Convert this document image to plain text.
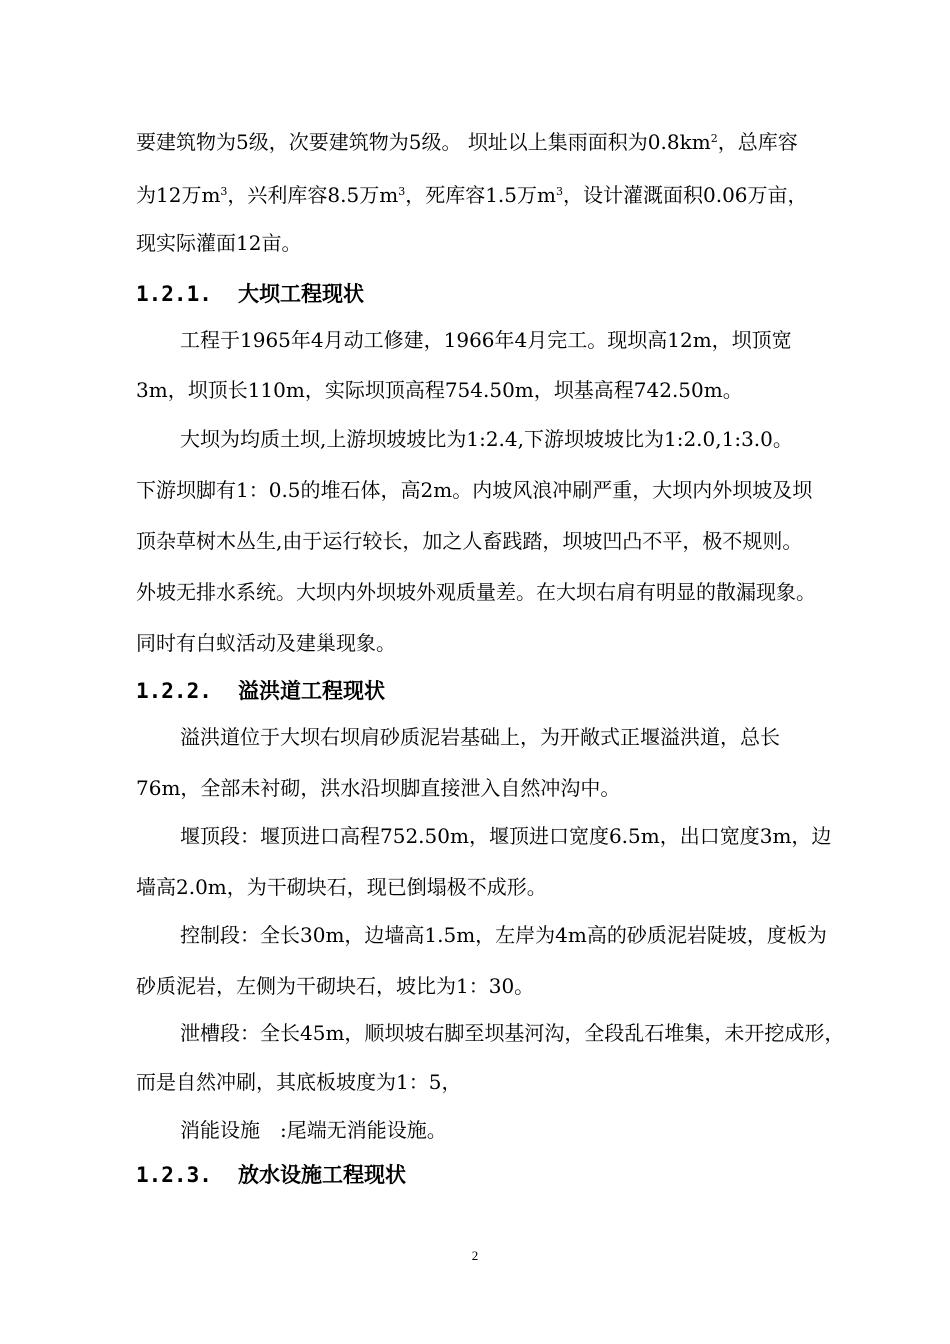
要建筑物为5级，次要建筑物为5级。 坝址以上集雨面积为$0.8km^2$，总库容
为12万$m^3$，兴利库容8.5万$m^3$，死库容1.5万$m^3$，设计灌溉面积0.06万亩，
现实际灌面12亩。
1.2.1. 大坝工程现状
工程于1965年4月动工修建，1966年4月完工。现坝高12m，坝顶宽
3m，坝顶长110m，实际坝顶高程754.50m，坝基高程742.50m。
大坝为均质土坝,上游坝坡坡比为1:2.4,下游坝坡坡比为1:2.0,1:3.0。
下游坝脚有1：0.5的堆石体，高2m。内坡风浪冲刷严重，大坝内外坝坡及坝
顶杂草树木丛生,由于运行较长，加之人畜践踏，坝坡凹凸不平，极不规则。
外坡无排水系统。大坝内外坝坡外观质量差。在大坝右肩有明显的散漏现象。
同时有白蚁活动及建巢现象。
1.2.2. 溢洪道工程现状
溢洪道位于大坝右坝肩砂质泥岩基础上，为开敞式正堰溢洪道，总长
76m，全部未衬砌，洪水沿坝脚直接泄入自然冲沟中。
堰顶段：堰顶进口高程752.50m，堰顶进口宽度6.5m，出口宽度3m，边
墙高2.0m，为干砌块石，现已倒塌极不成形。
控制段：全长30m，边墙高1.5m，左岸为4m高的砂质泥岩陡坡，度板为
砂质泥岩，左侧为干砌块石，坡比为1：30。
泄槽段：全长45m，顺坝坡右脚至坝基河沟，全段乱石堆集，未开挖成形，
而是自然冲刷，其底板坡度为1：5，
消能设施　:尾端无消能设施。
1.2.3. 放水设施工程现状
2
